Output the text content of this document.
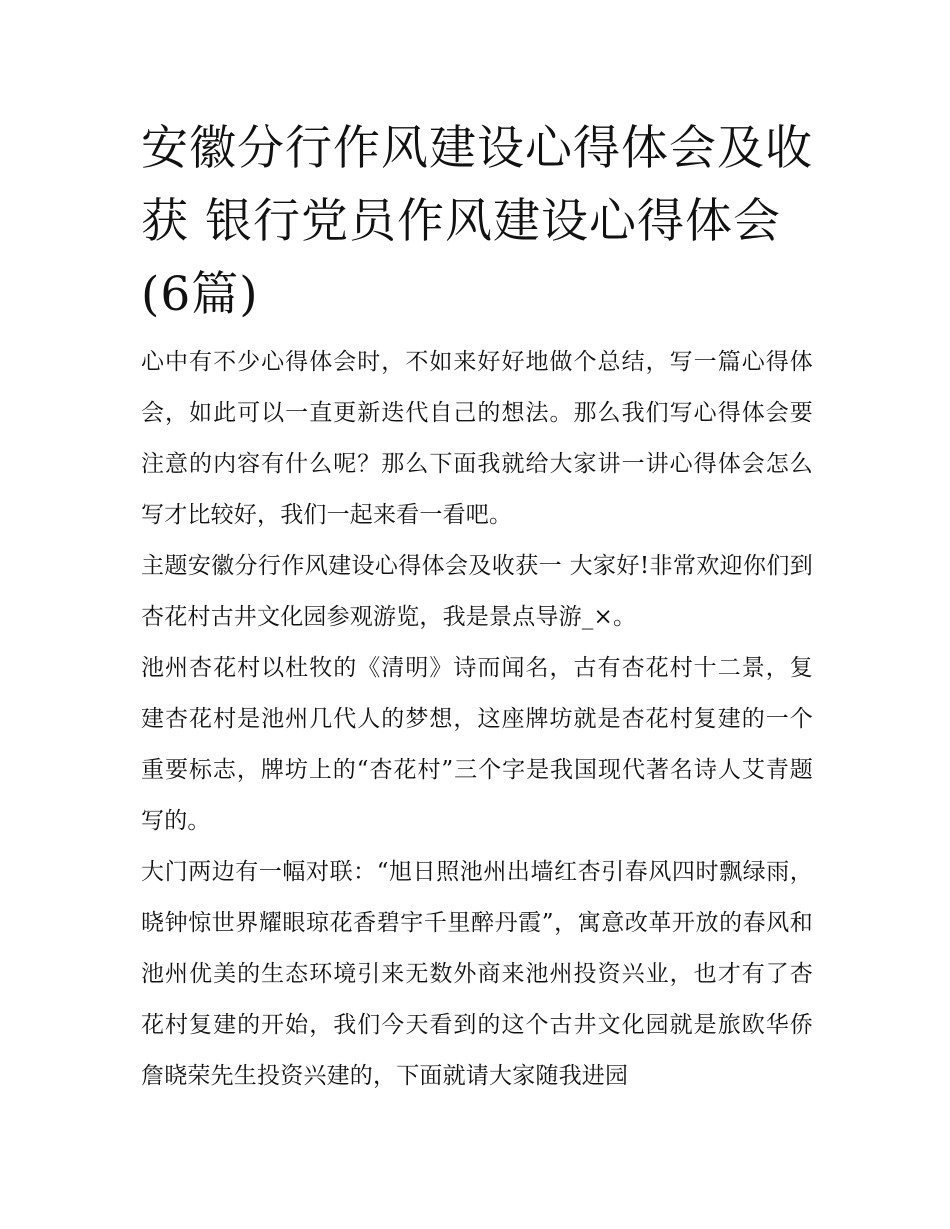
安徽分行作风建设心得体会及收获 银行党员作风建设心得体会(6篇)

心中有不少心得体会时，不如来好好地做个总结，写一篇心得体会，如此可以一直更新迭代自己的想法。那么我们写心得体会要注意的内容有什么呢？那么下面我就给大家讲一讲心得体会怎么写才比较好，我们一起来看一看吧。

主题安徽分行作风建设心得体会及收获一 大家好!非常欢迎你们到杏花村古井文化园参观游览，我是景点导游_×。

池州杏花村以杜牧的《清明》诗而闻名，古有杏花村十二景，复建杏花村是池州几代人的梦想，这座牌坊就是杏花村复建的一个重要标志，牌坊上的“杏花村”三个字是我国现代著名诗人艾青题写的。

大门两边有一幅对联：“旭日照池州出墙红杏引春风四时飘绿雨，晓钟惊世界耀眼琼花香碧宇千里醉丹霞”，寓意改革开放的春风和池州优美的生态环境引来无数外商来池州投资兴业，也才有了杏花村复建的开始，我们今天看到的这个古井文化园就是旅欧华侨詹晓荣先生投资兴建的，下面就请大家随我进园
